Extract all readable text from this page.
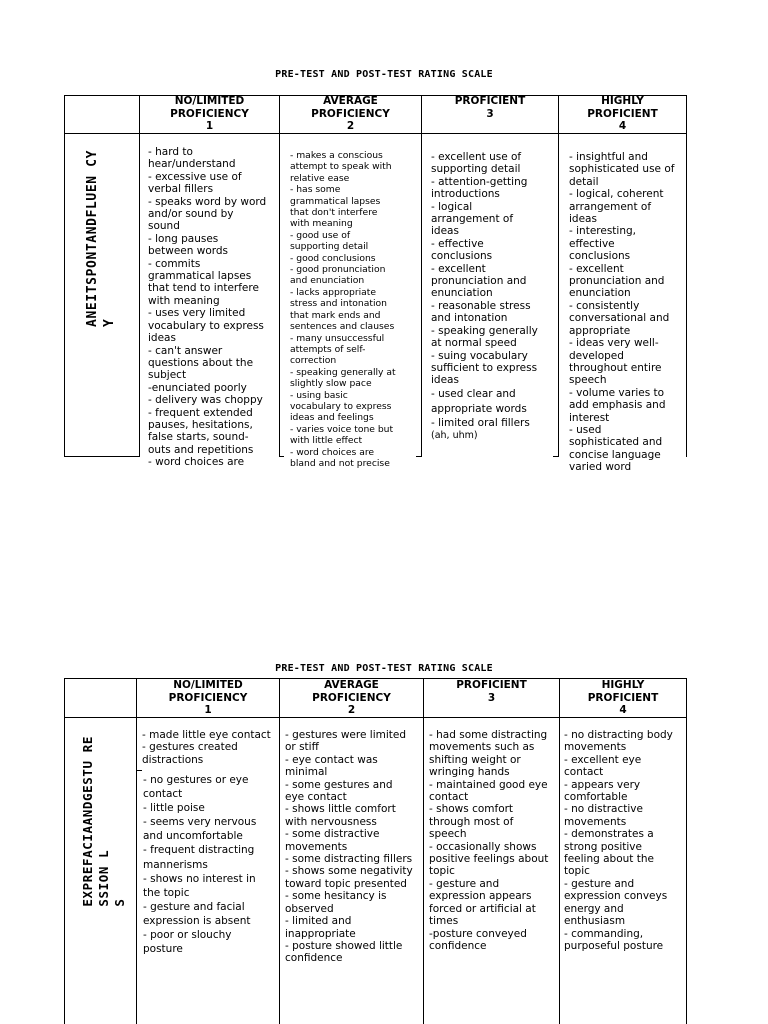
PRE-TEST AND POST-TEST RATING SCALE
NO/LIMITED
PROFICIENCY
1
AVERAGE
PROFICIENCY
2
PROFICIENT
3
HIGHLY
PROFICIENT
4
ANEITSPONTANDFLUEN CY Y
- hard to
hear/understand
- excessive use of
verbal fillers
- speaks word by word
and/or sound by
sound
- long pauses
between words
- commits
grammatical lapses
that tend to interfere
with meaning
- uses very limited
vocabulary to express
ideas
- can't answer
questions about the
subject
-enunciated poorly
- delivery was choppy
- frequent extended
pauses, hesitations,
false starts, sound-
outs and repetitions
- word choices are
- makes a conscious
attempt to speak with
relative ease
- has some
grammatical lapses
that don't interfere
with meaning
- good use of
supporting detail
- good conclusions
- good pronunciation
and enunciation
- lacks appropriate
stress and intonation
that mark ends and
sentences and clauses
- many unsuccessful
attempts of self-
correction
- speaking generally at
slightly slow pace
- using basic
vocabulary to express
ideas and feelings
- varies voice tone but
with little effect
- word choices are
bland and not precise
- excellent use of
supporting detail
- attention-getting
introductions
- logical
arrangement of
ideas
- effective
conclusions
- excellent
pronunciation and
enunciation
- reasonable stress
and intonation
- speaking generally
at normal speed
- suing vocabulary
sufficient to express
ideas
- used clear and
appropriate words
- limited oral fillers
(ah, uhm)
- insightful and
sophisticated use of
detail
- logical, coherent
arrangement of
ideas
- interesting,
effective
conclusions
- excellent
pronunciation and
enunciation
- consistently
conversational and
appropriate
- ideas very well-
developed
throughout entire
speech
- volume varies to
add emphasis and
interest
- used
sophisticated and
concise language
varied word
PRE-TEST AND POST-TEST RATING SCALE
NO/LIMITED
PROFICIENCY
1
AVERAGE
PROFICIENCY
2
PROFICIENT
3
HIGHLY
PROFICIENT
4
EXPREFACIAANDGESTU RE SSION L S
- made little eye contact
- gestures created
distractions
- no gestures or eye
contact
- little poise
- seems very nervous
and uncomfortable
- frequent distracting
mannerisms
- shows no interest in
the topic
- gesture and facial
expression is absent
- poor or slouchy
posture
- gestures were limited
or stiff
- eye contact was
minimal
- some gestures and
eye contact
- shows little comfort
with nervousness
- some distractive
movements
- some distracting fillers
- shows some negativity
toward topic presented
- some hesitancy is
observed
- limited and
inappropriate
- posture showed little
confidence
- had some distracting
movements such as
shifting weight or
wringing hands
- maintained good eye
contact
- shows comfort
through most of
speech
- occasionally shows
positive feelings about
topic
- gesture and
expression appears
forced or artificial at
times
-posture conveyed
confidence
- no distracting body
movements
- excellent eye
contact
- appears very
comfortable
- no distractive
movements
- demonstrates a
strong positive
feeling about the
topic
- gesture and
expression conveys
energy and
enthusiasm
- commanding,
purposeful posture
